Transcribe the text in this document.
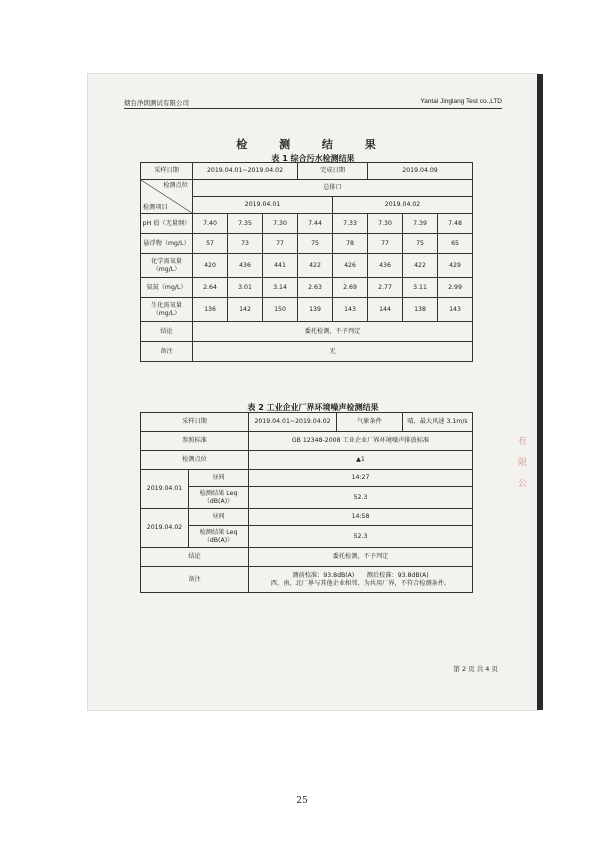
烟台净朗测试有限公司	Yantai Jinglang Test co.,LTD
检 测 结 果
表 1 综合污水检测结果
采样日期	2019.04.01~2019.04.02			完成日期		2019.04.09		

检测点位
检测项目	总排口							
	2019.04.01				2019.04.02			
pH 值（无量纲）	7.40	7.35	7.30	7.44	7.33	7.30	7.39	7.48
悬浮物（mg/L）	57	73	77	75	78	77	75	65
化学需氧量（mg/L）	420	436	441	422	426	436	422	429
氨氮（mg/L）	2.64	3.01	3.14	2.63	2.69	2.77	3.11	2.99
生化需氧量（mg/L）	136	142	150	139	143	144	138	143
结论	委托检测，不予判定							
备注	无							
表 2 工业企业厂界环境噪声检测结果
采样日期		2019.04.01~2019.04.02	气象条件	晴，最大风速 3.1m/s
参照标准		GB 12348-2008 工业企业厂界环境噪声排放标准		
检测点位		▲1		
2019.04.01	昼间	14:27		
	检测结果 Leq（dB(A)）	52.3		
2019.04.02	昼间	14:58		
	检测结果 Leq（dB(A)）	52.3		
结论		委托检测，不予判定		
备注		测前校准：93.8dB(A)　　测后校准：93.8dB(A)
西、南、北厂界与其他企业相邻，为共用厂界，不符合检测条件。		
有
限
公
第 2 页 共 4 页
25
